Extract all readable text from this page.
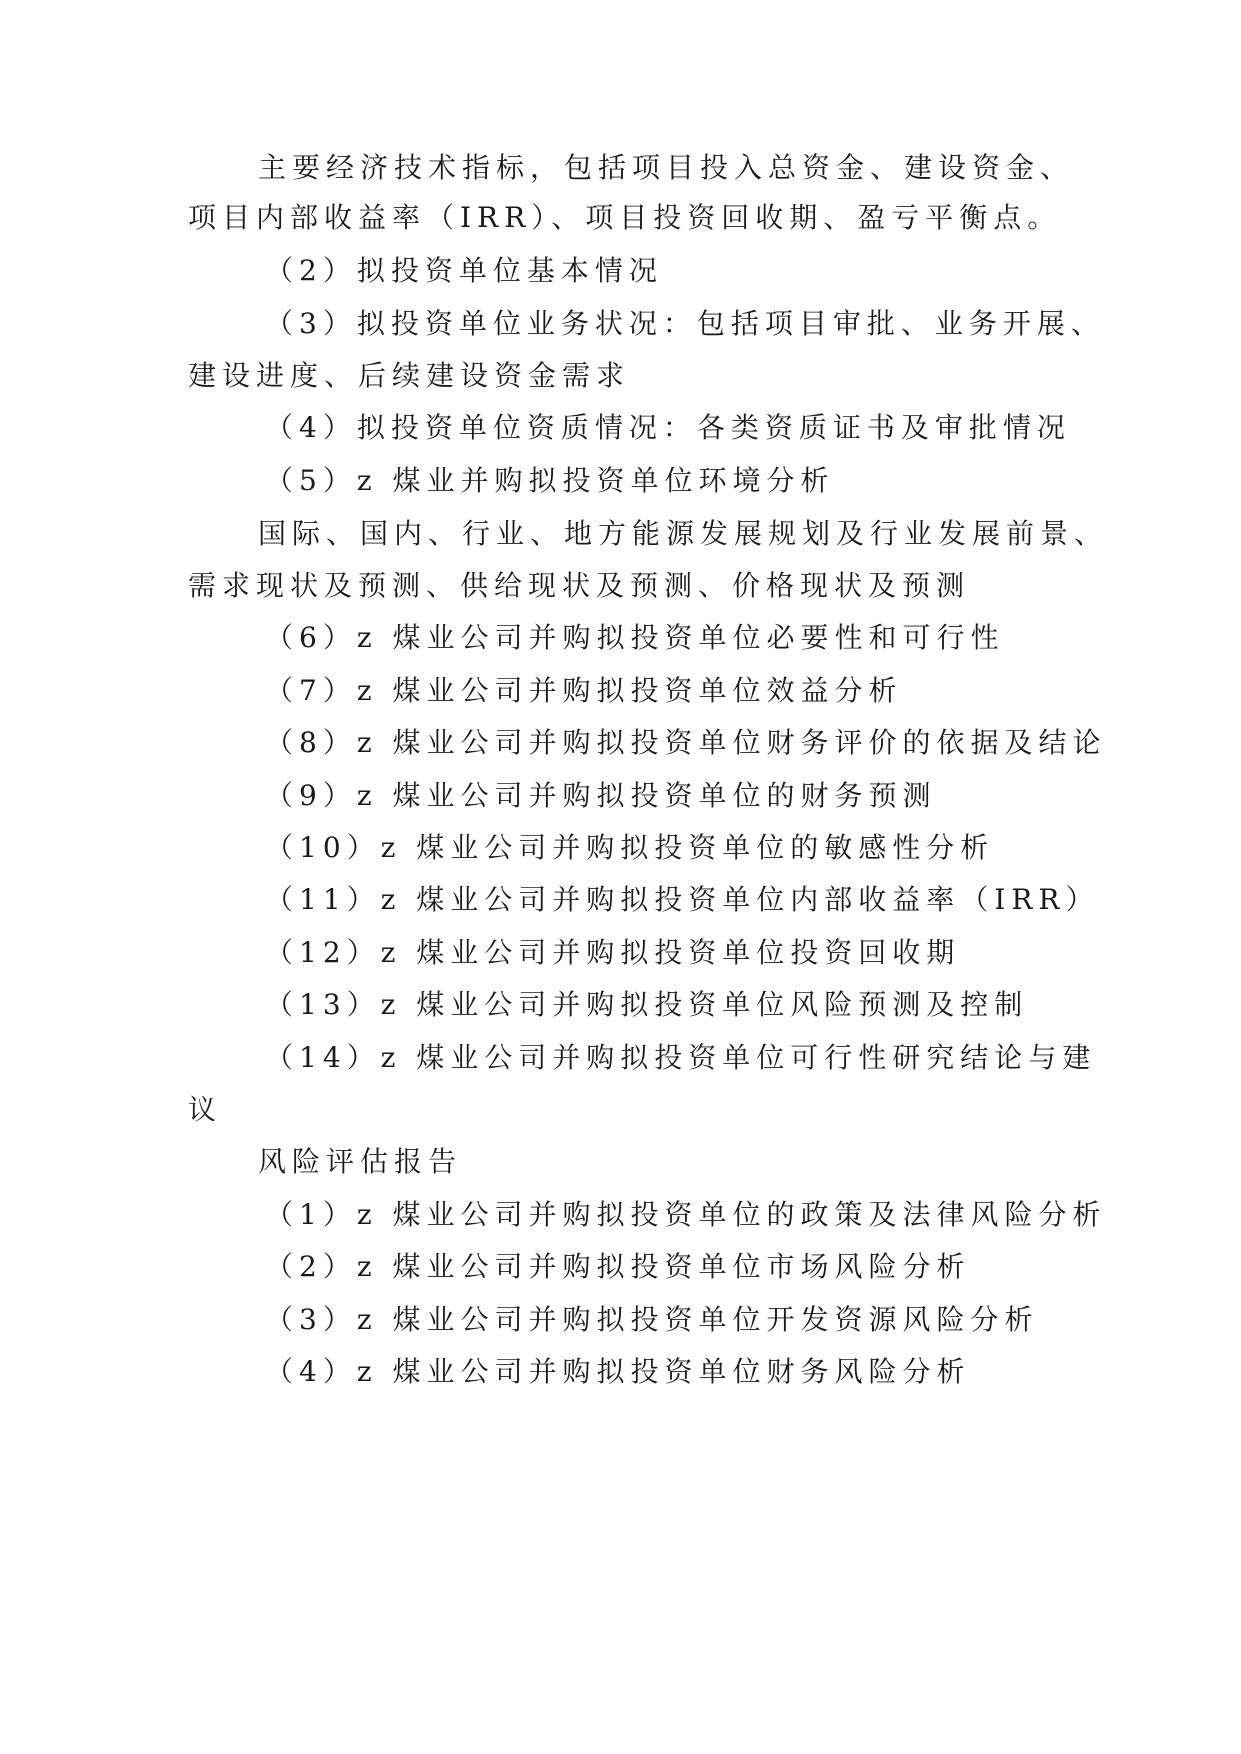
主要经济技术指标，包括项目投入总资金、建设资金、
项目内部收益率（IRR）、项目投资回收期、盈亏平衡点。
（2）拟投资单位基本情况
（3）拟投资单位业务状况：包括项目审批、业务开展、
建设进度、后续建设资金需求
（4）拟投资单位资质情况：各类资质证书及审批情况
（5）z 煤业并购拟投资单位环境分析
国际、国内、行业、地方能源发展规划及行业发展前景、
需求现状及预测、供给现状及预测、价格现状及预测
（6）z 煤业公司并购拟投资单位必要性和可行性
（7）z 煤业公司并购拟投资单位效益分析
（8）z 煤业公司并购拟投资单位财务评价的依据及结论
（9）z 煤业公司并购拟投资单位的财务预测
（10）z 煤业公司并购拟投资单位的敏感性分析
（11）z 煤业公司并购拟投资单位内部收益率（IRR）
（12）z 煤业公司并购拟投资单位投资回收期
（13）z 煤业公司并购拟投资单位风险预测及控制
（14）z 煤业公司并购拟投资单位可行性研究结论与建
议
风险评估报告
（1）z 煤业公司并购拟投资单位的政策及法律风险分析
（2）z 煤业公司并购拟投资单位市场风险分析
（3）z 煤业公司并购拟投资单位开发资源风险分析
（4）z 煤业公司并购拟投资单位财务风险分析
